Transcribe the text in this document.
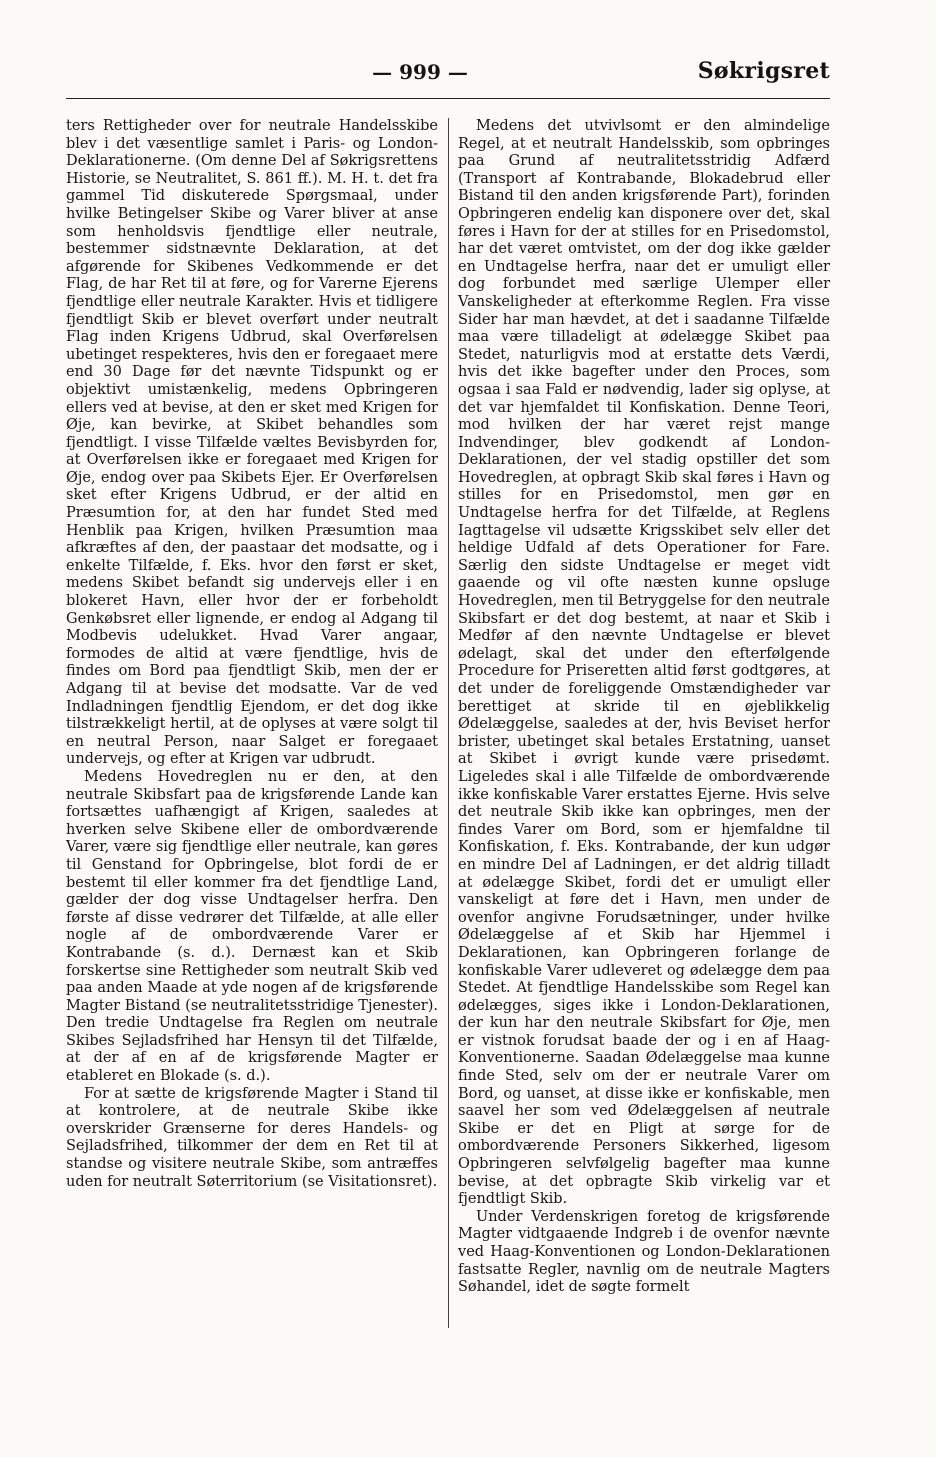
— 999 —	Søkrigsret

ters Rettigheder over for neutrale Handelsskibe blev i det væsentlige samlet i Paris- og London-Deklarationerne. (Om denne Del af Søkrigsrettens Historie, se Neutralitet, S. 861 ff.). M. H. t. det fra gammel Tid diskuterede Spørgsmaal, under hvilke Betingelser Skibe og Varer bliver at anse som henholdsvis fjendtlige eller neutrale, bestemmer sidstnævnte Deklaration, at det afgørende for Skibenes Vedkommende er det Flag, de har Ret til at føre, og for Varerne Ejerens fjendtlige eller neutrale Karakter. Hvis et tidligere fjendtligt Skib er blevet overført under neutralt Flag inden Krigens Udbrud, skal Overførelsen ubetinget respekteres, hvis den er foregaaet mere end 30 Dage før det nævnte Tidspunkt og er objektivt umistænkelig, medens Opbringeren ellers ved at bevise, at den er sket med Krigen for Øje, kan bevirke, at Skibet behandles som fjendtligt. I visse Tilfælde væltes Bevisbyrden for, at Overførelsen ikke er foregaaet med Krigen for Øje, endog over paa Skibets Ejer. Er Overførelsen sket efter Krigens Udbrud, er der altid en Præsumtion for, at den har fundet Sted med Henblik paa Krigen, hvilken Præsumtion maa afkræftes af den, der paastaar det modsatte, og i enkelte Tilfælde, f. Eks. hvor den først er sket, medens Skibet befandt sig undervejs eller i en blokeret Havn, eller hvor der er forbeholdt Genkøbsret eller lignende, er endog al Adgang til Modbevis udelukket. Hvad Varer angaar, formodes de altid at være fjendtlige, hvis de findes om Bord paa fjendtligt Skib, men der er Adgang til at bevise det modsatte. Var de ved Indladningen fjendtlig Ejendom, er det dog ikke tilstrækkeligt hertil, at de oplyses at være solgt til en neutral Person, naar Salget er foregaaet undervejs, og efter at Krigen var udbrudt.

Medens Hovedreglen nu er den, at den neutrale Skibsfart paa de krigsførende Lande kan fortsættes uafhængigt af Krigen, saaledes at hverken selve Skibene eller de ombordværende Varer, være sig fjendtlige eller neutrale, kan gøres til Genstand for Opbringelse, blot fordi de er bestemt til eller kommer fra det fjendtlige Land, gælder der dog visse Undtagelser herfra. Den første af disse vedrører det Tilfælde, at alle eller nogle af de ombordværende Varer er Kontrabande (s. d.). Dernæst kan et Skib forskertse sine Rettigheder som neutralt Skib ved paa anden Maade at yde nogen af de krigsførende Magter Bistand (se neutralitetsstridige Tjenester). Den tredie Undtagelse fra Reglen om neutrale Skibes Sejladsfrihed har Hensyn til det Tilfælde, at der af en af de krigsførende Magter er etableret en Blokade (s. d.).

For at sætte de krigsførende Magter i Stand til at kontrolere, at de neutrale Skibe ikke overskrider Grænserne for deres Handels- og Sejladsfrihed, tilkommer der dem en Ret til at standse og visitere neutrale Skibe, som antræffes uden for neutralt Søterritorium (se Visitationsret).

Medens det utvivlsomt er den almindelige Regel, at et neutralt Handelsskib, som opbringes paa Grund af neutralitetsstridig Adfærd (Transport af Kontrabande, Blokadebrud eller Bistand til den anden krigsførende Part), forinden Opbringeren endelig kan disponere over det, skal føres i Havn for der at stilles for en Prisedomstol, har det været omtvistet, om der dog ikke gælder en Undtagelse herfra, naar det er umuligt eller dog forbundet med særlige Ulemper eller Vanskeligheder at efterkomme Reglen. Fra visse Sider har man hævdet, at det i saadanne Tilfælde maa være tilladeligt at ødelægge Skibet paa Stedet, naturligvis mod at erstatte dets Værdi, hvis det ikke bagefter under den Proces, som ogsaa i saa Fald er nødvendig, lader sig oplyse, at det var hjemfaldet til Konfiskation. Denne Teori, mod hvilken der har været rejst mange Indvendinger, blev godkendt af London-Deklarationen, der vel stadig opstiller det som Hovedreglen, at opbragt Skib skal føres i Havn og stilles for en Prisedomstol, men gør en Undtagelse herfra for det Tilfælde, at Reglens Iagttagelse vil udsætte Krigsskibet selv eller det heldige Udfald af dets Operationer for Fare. Særlig den sidste Undtagelse er meget vidt gaaende og vil ofte næsten kunne opsluge Hovedreglen, men til Betryggelse for den neutrale Skibsfart er det dog bestemt, at naar et Skib i Medfør af den nævnte Undtagelse er blevet ødelagt, skal det under den efterfølgende Procedure for Priseretten altid først godtgøres, at det under de foreliggende Omstændigheder var berettiget at skride til en øjeblikkelig Ødelæggelse, saaledes at der, hvis Beviset herfor brister, ubetinget skal betales Erstatning, uanset at Skibet i øvrigt kunde være prisedømt. Ligeledes skal i alle Tilfælde de ombordværende ikke konfiskable Varer erstattes Ejerne. Hvis selve det neutrale Skib ikke kan opbringes, men der findes Varer om Bord, som er hjemfaldne til Konfiskation, f. Eks. Kontrabande, der kun udgør en mindre Del af Ladningen, er det aldrig tilladt at ødelægge Skibet, fordi det er umuligt eller vanskeligt at føre det i Havn, men under de ovenfor angivne Forudsætninger, under hvilke Ødelæggelse af et Skib har Hjemmel i Deklarationen, kan Opbringeren forlange de konfiskable Varer udleveret og ødelægge dem paa Stedet. At fjendtlige Handelsskibe som Regel kan ødelægges, siges ikke i London-Deklarationen, der kun har den neutrale Skibsfart for Øje, men er vistnok forudsat baade der og i en af Haag-Konventionerne. Saadan Ødelæggelse maa kunne finde Sted, selv om der er neutrale Varer om Bord, og uanset, at disse ikke er konfiskable, men saavel her som ved Ødelæggelsen af neutrale Skibe er det en Pligt at sørge for de ombordværende Personers Sikkerhed, ligesom Opbringeren selvfølgelig bagefter maa kunne bevise, at det opbragte Skib virkelig var et fjendtligt Skib.

Under Verdenskrigen foretog de krigsførende Magter vidtgaaende Indgreb i de ovenfor nævnte ved Haag-Konventionen og London-Deklarationen fastsatte Regler, navnlig om de neutrale Magters Søhandel, idet de søgte formelt
